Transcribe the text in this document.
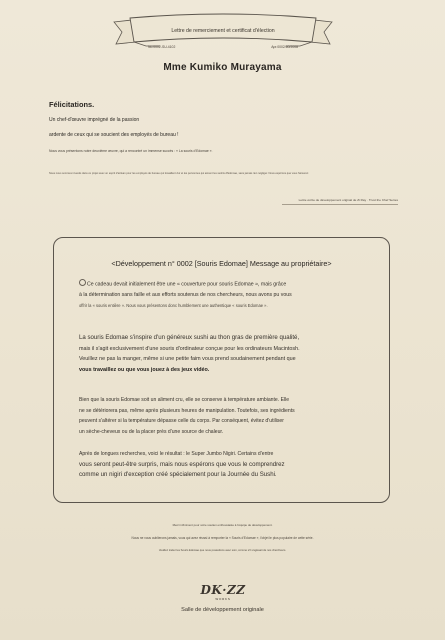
Lettre de remerciement et certificat d'élection
No.0002-SU-4102	Apr.0002/60/2008
Mme Kumiko Murayama
Félicitations.
Un chef-d'œuvre imprégné de la passion
ardente de ceux qui se soucient des employés de bureau !
Nous vous présentons notre deuxième œuvre, qui a rencontré un immense succès : « La souris d'Edomae ».
Nous nous sommes investis dans ce projet avec un esprit d'artisan pour les employés de bureau qui travaillent dur et les personnes qui aiment les sushis d'Edomae, sans jamais rien négliger. Nous espérons que vous l'aimerez.
Lettre écrite de développement original de Zi Ray · Trust the Chef Series
<Développement n° 0002 [Souris Edomae] Message au propriétaire>
Ce cadeau devait initialement être une « couverture pour souris Edomae », mais grâce
à la détermination sans faille et aux efforts soutenus de nos chercheurs, nous avons pu vous
offrir la « souris entière ». Nous vous présentons donc humblement une authentique « souris Edomae ».
La souris Edomae s'inspire d'un généreux sushi au thon gras de première qualité,
mais il s'agit exclusivement d'une souris d'ordinateur conçue pour les ordinateurs Macintosh.
Veuillez ne pas la manger, même si une petite faim vous prend soudainement pendant que
vous travaillez ou que vous jouez à des jeux vidéo.
Bien que la souris Edomae soit un aliment cru, elle se conserve à température ambiante. Elle
ne se détériorera pas, même après plusieurs heures de manipulation. Toutefois, ses ingrédients
peuvent s'altérer si la température dépasse celle du corps. Par conséquent, évitez d'utiliser
un sèche-cheveux ou de la placer près d'une source de chaleur.
Après de longues recherches, voici le résultat : le Super Jumbo Nigiri. Certains d'entre
vous seront peut-être surpris, mais nous espérons que vous le comprendrez
comme un nigiri d'exception créé spécialement pour la Journée du Sushi.
Merci infiniment pour votre soutien enthousiaste à l'équipe de développement.
Nous ne vous oublierons jamais, vous qui avez réussi à remporter la « Souris d'Edomae », l'objet le plus populaire de cette série.
Veuillez traiter les Souris Edomae que nous possédons avec soin, comme s'il s'agissait de nos chercheurs.
DK·ZZ
WORKS
Salle de développement originale
